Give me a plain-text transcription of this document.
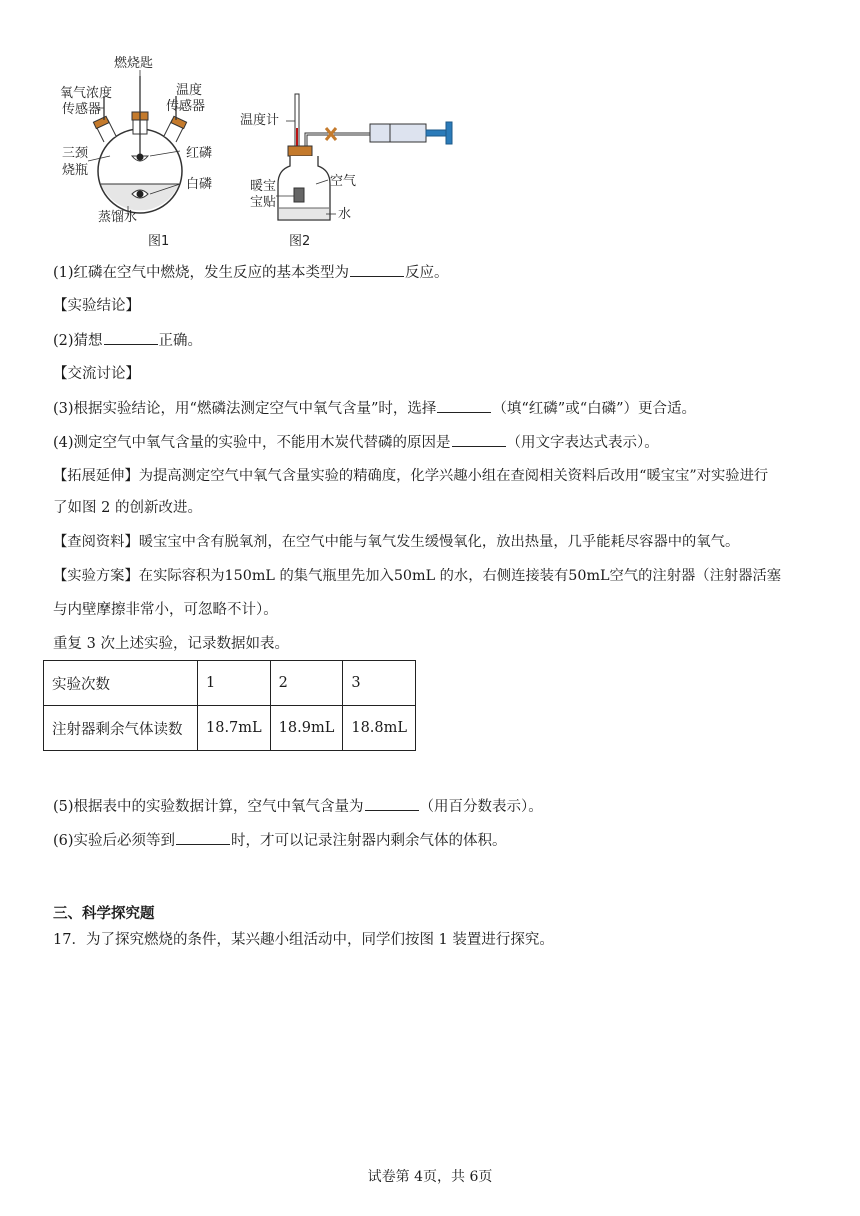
燃烧匙
氧气浓度
传感器
温度
传感器
三颈
烧瓶
红磷
白磷
蒸馏水
图1
温度计
空气
暖宝
宝贴
水
图2
(1)红磷在空气中燃烧，发生反应的基本类型为	反应。
【实验结论】
(2)猜想	正确。
【交流讨论】
(3)根据实验结论，用“燃磷法测定空气中氧气含量”时，选择	（填“红磷”或“白磷”）更合适。
(4)测定空气中氧气含量的实验中，不能用木炭代替磷的原因是	（用文字表达式表示）。
【拓展延伸】为提高测定空气中氧气含量实验的精确度，化学兴趣小组在查阅相关资料后改用“暖宝宝”对实验进行
了如图 2 的创新改进。
【查阅资料】暖宝宝中含有脱氧剂，在空气中能与氧气发生缓慢氧化，放出热量，几乎能耗尽容器中的氧气。
【实验方案】在实际容积为150mL 的集气瓶里先加入50mL 的水，右侧连接装有50mL空气的注射器（注射器活塞
与内壁摩擦非常小，可忽略不计）。
重复 3 次上述实验，记录数据如表。
实验次数	1	2	3
注射器剩余气体读数	18.7mL	18.9mL	18.8mL
(5)根据表中的实验数据计算，空气中氧气含量为	（用百分数表示）。
(6)实验后必须等到	时，才可以记录注射器内剩余气体的体积。
三、科学探究题
17．为了探究燃烧的条件，某兴趣小组活动中，同学们按图 1 装置进行探究。
试卷第 4页，共 6页
